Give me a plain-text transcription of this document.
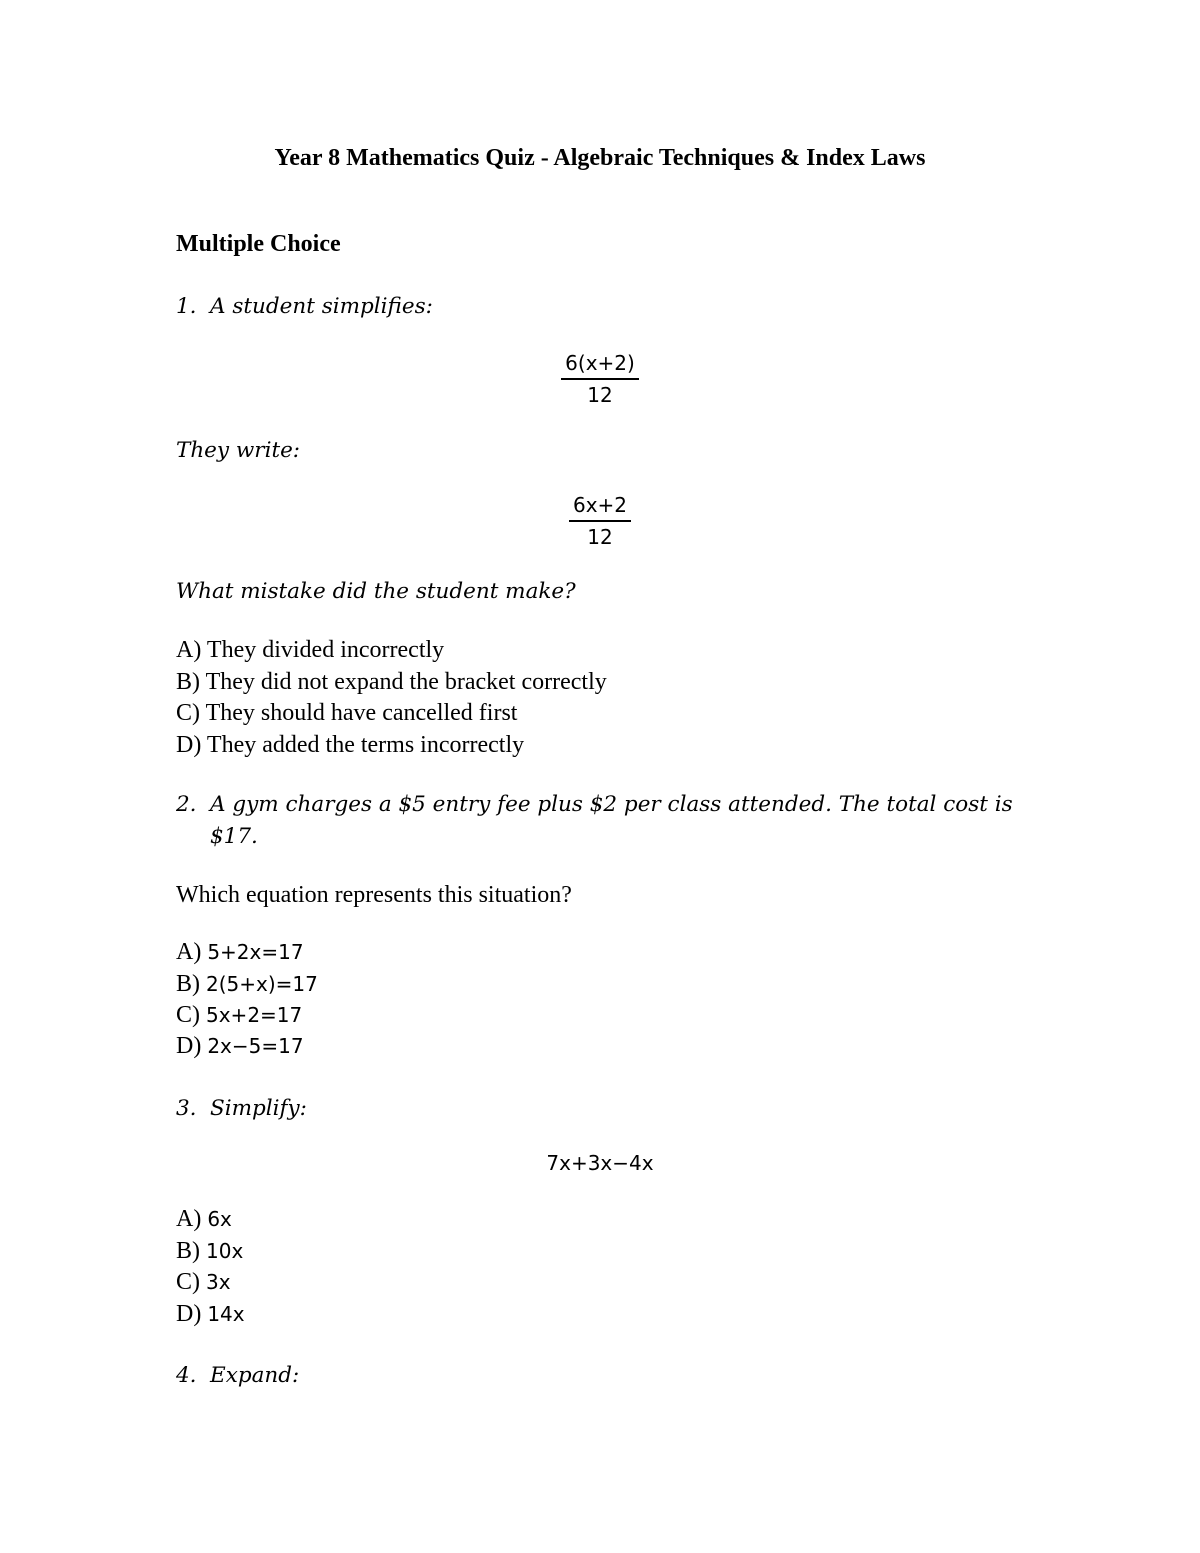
Year 8 Mathematics Quiz - Algebraic Techniques & Index Laws
Multiple Choice
1. A student simplifies:
$\frac{6(x+2)}{12}$
They write:
$\frac{6x+2}{12}$
What mistake did the student make?
A) They divided incorrectly
B) They did not expand the bracket correctly
C) They should have cancelled first
D) They added the terms incorrectly
2. A gym charges a $5 entry fee plus $2 per class attended. The total cost is $17.
Which equation represents this situation?
A) 5+2x=17
B) 2(5+x)=17
C) 5x+2=17
D) 2x−5=17
3. Simplify:
7x+3x−4x
A) 6x
B) 10x
C) 3x
D) 14x
4. Expand:
